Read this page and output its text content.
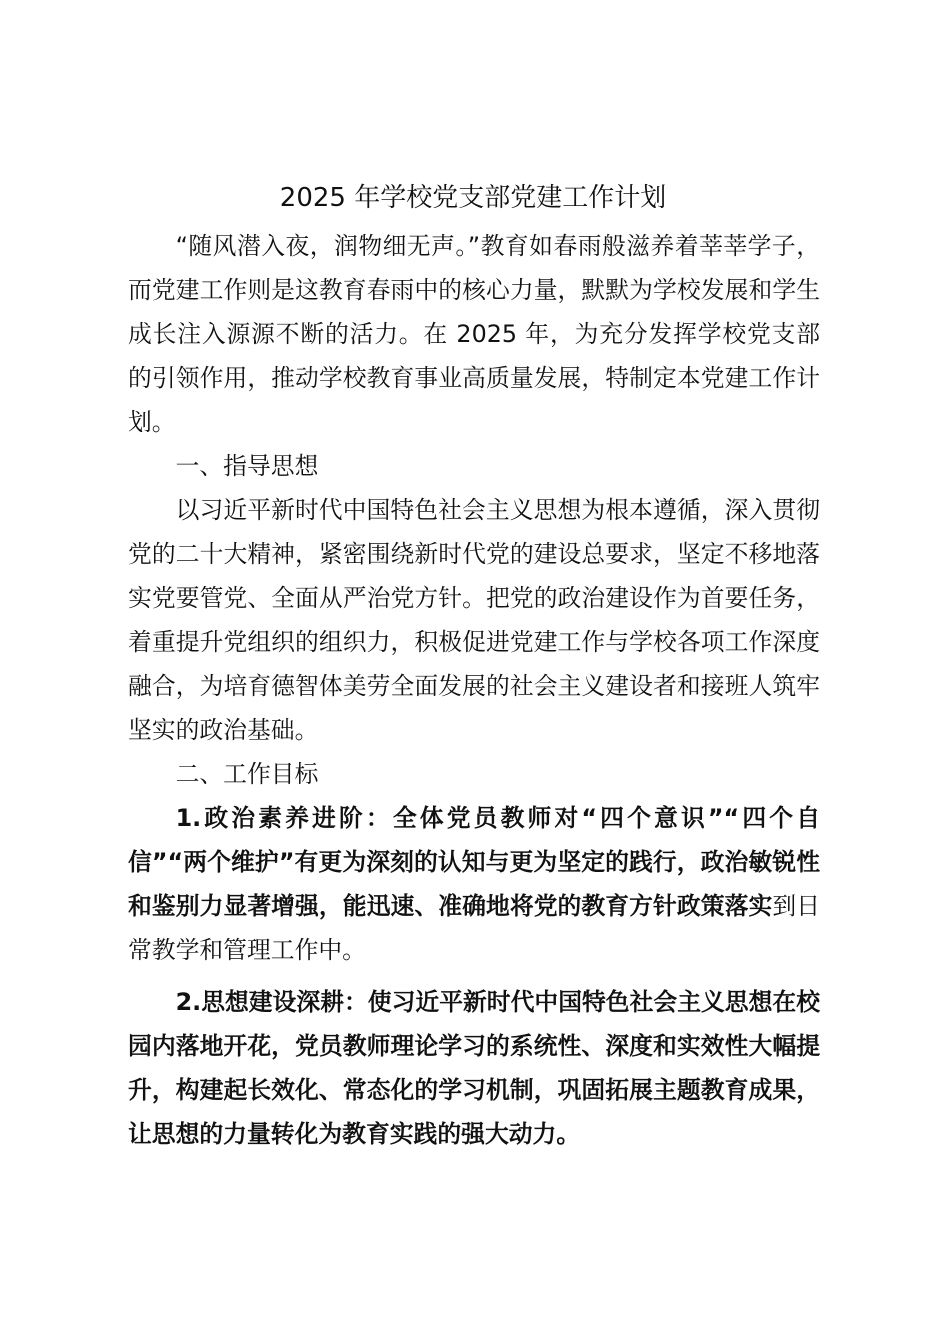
2025 年学校党支部党建工作计划

“随风潜入夜，润物细无声。”教育如春雨般滋养着莘莘学子，而党建工作则是这教育春雨中的核心力量，默默为学校发展和学生成长注入源源不断的活力。在 2025 年，为充分发挥学校党支部的引领作用，推动学校教育事业高质量发展，特制定本党建工作计划。

一、指导思想

以习近平新时代中国特色社会主义思想为根本遵循，深入贯彻党的二十大精神，紧密围绕新时代党的建设总要求，坚定不移地落实党要管党、全面从严治党方针。把党的政治建设作为首要任务，着重提升党组织的组织力，积极促进党建工作与学校各项工作深度融合，为培育德智体美劳全面发展的社会主义建设者和接班人筑牢坚实的政治基础。

二、工作目标

1.政治素养进阶：全体党员教师对“四个意识”“四个自信”“两个维护”有更为深刻的认知与更为坚定的践行，政治敏锐性和鉴别力显著增强，能迅速、准确地将党的教育方针政策落实到日常教学和管理工作中。

2.思想建设深耕：使习近平新时代中国特色社会主义思想在校园内落地开花，党员教师理论学习的系统性、深度和实效性大幅提升，构建起长效化、常态化的学习机制，巩固拓展主题教育成果，让思想的力量转化为教育实践的强大动力。
